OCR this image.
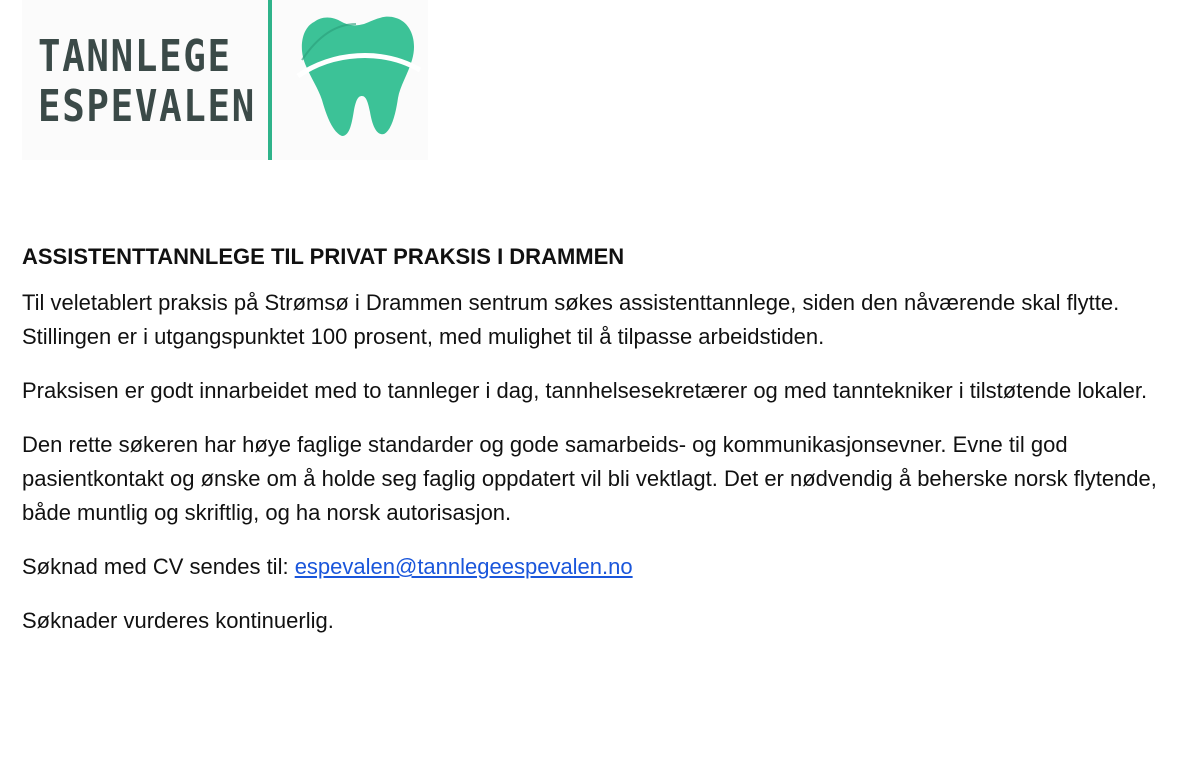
TANNLEGE
ESPEVALEN
ASSISTENTTANNLEGE TIL PRIVAT PRAKSIS I DRAMMEN

Til veletablert praksis på Strømsø i Drammen sentrum søkes assistenttannlege, siden den nåværende skal flytte. Stillingen er i utgangspunktet 100 prosent, med mulighet til å tilpasse arbeidstiden.

Praksisen er godt innarbeidet med to tannleger i dag, tannhelsesekretærer og med tanntekniker i tilstøtende lokaler.

Den rette søkeren har høye faglige standarder og gode samarbeids- og kommunikasjonsevner. Evne til god pasientkontakt og ønske om å holde seg faglig oppdatert vil bli vektlagt. Det er nødvendig å beherske norsk flytende, både muntlig og skriftlig, og ha norsk autorisasjon.

Søknad med CV sendes til: espevalen@tannlegeespevalen.no

Søknader vurderes kontinuerlig.
